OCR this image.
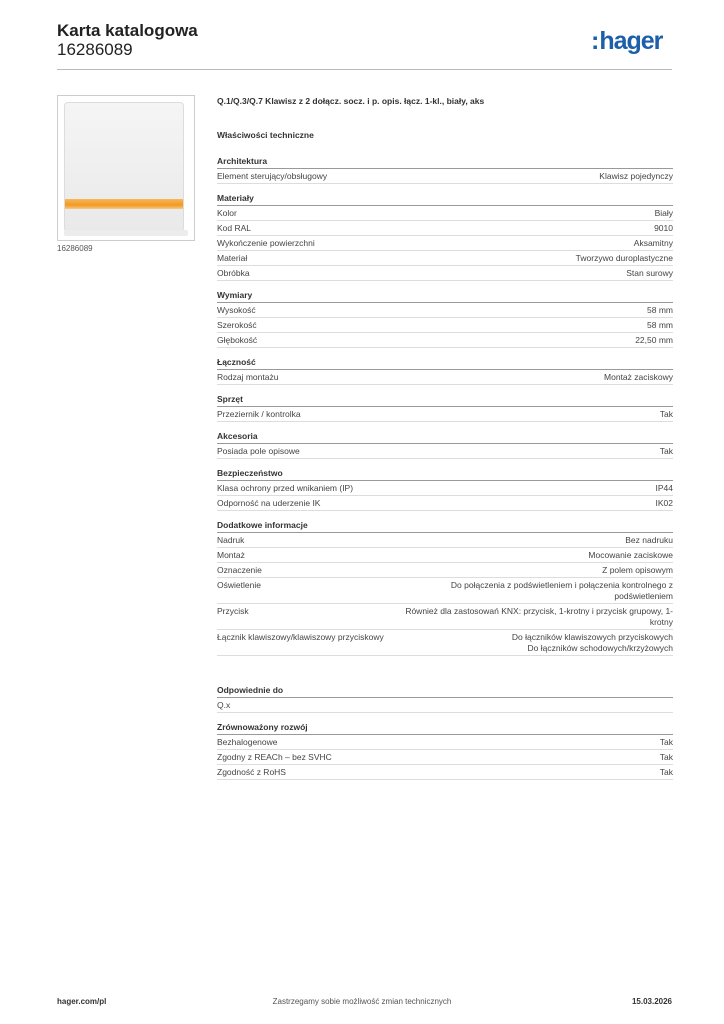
Karta katalogowa
16286089	:hager
16286089
Q.1/Q.3/Q.7 Klawisz z 2 dołącz. socz. i p. opis. łącz. 1-kl., biały, aks
Właściwości techniczne
Architektura
Element sterujący/obsługowy	Klawisz pojedynczy
Materiały
Kolor	Biały
Kod RAL	9010
Wykończenie powierzchni	Aksamitny
Materiał	Tworzywo duroplastyczne
Obróbka	Stan surowy
Wymiary
Wysokość	58 mm
Szerokość	58 mm
Głębokość	22,50 mm
Łączność
Rodzaj montażu	Montaż zaciskowy
Sprzęt
Przeziernik / kontrolka	Tak
Akcesoria
Posiada pole opisowe	Tak
Bezpieczeństwo
Klasa ochrony przed wnikaniem (IP)	IP44
Odporność na uderzenie IK	IK02
Dodatkowe informacje
Nadruk	Bez nadruku
Montaż	Mocowanie zaciskowe
Oznaczenie	Z polem opisowym
Oświetlenie	Do połączenia z podświetleniem i połączenia kontrolnego z podświetleniem
Przycisk	Również dla zastosowań KNX: przycisk, 1-krotny i przycisk grupowy, 1-krotny
Łącznik klawiszowy/klawiszowy przyciskowy	Do łączników klawiszowych przyciskowych
Do łączników schodowych/krzyżowych
Odpowiednie do
Q.x
Zrównoważony rozwój
Bezhalogenowe	Tak
Zgodny z REACh – bez SVHC	Tak
Zgodność z RoHS	Tak
hager.com/pl	Zastrzegamy sobie możliwość zmian technicznych	15.03.2026
